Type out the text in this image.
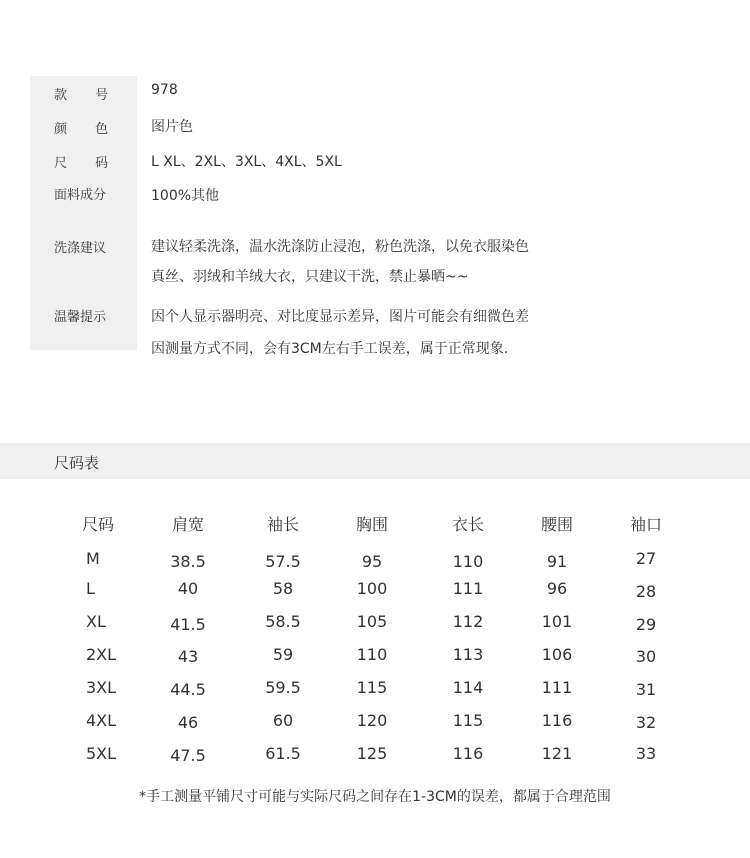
款 号 978
颜 色 图片色
尺 码 L XL、2XL、3XL、4XL、5XL
面料成分	100%其他
洗涤建议	建议轻柔洗涤，温水洗涤防止浸泡，粉色洗涤，以免衣服染色
真丝、羽绒和羊绒大衣，只建议干洗，禁止暴晒~~
温馨提示	因个人显示器明亮、对比度显示差异，图片可能会有细微色差
因测量方式不同，会有3CM左右手工误差，属于正常现象.
尺码表
尺码	肩宽	袖长	胸围	衣长	腰围	袖口
M	38.5	57.5	95	110	91	27
L	40	58	100	111	96	28
XL	41.5	58.5	105	112	101	29
2XL	43	59	110	113	106	30
3XL	44.5	59.5	115	114	111	31
4XL	46	60	120	115	116	32
5XL	47.5	61.5	125	116	121	33
*手工测量平铺尺寸可能与实际尺码之间存在1-3CM的误差，都属于合理范围
